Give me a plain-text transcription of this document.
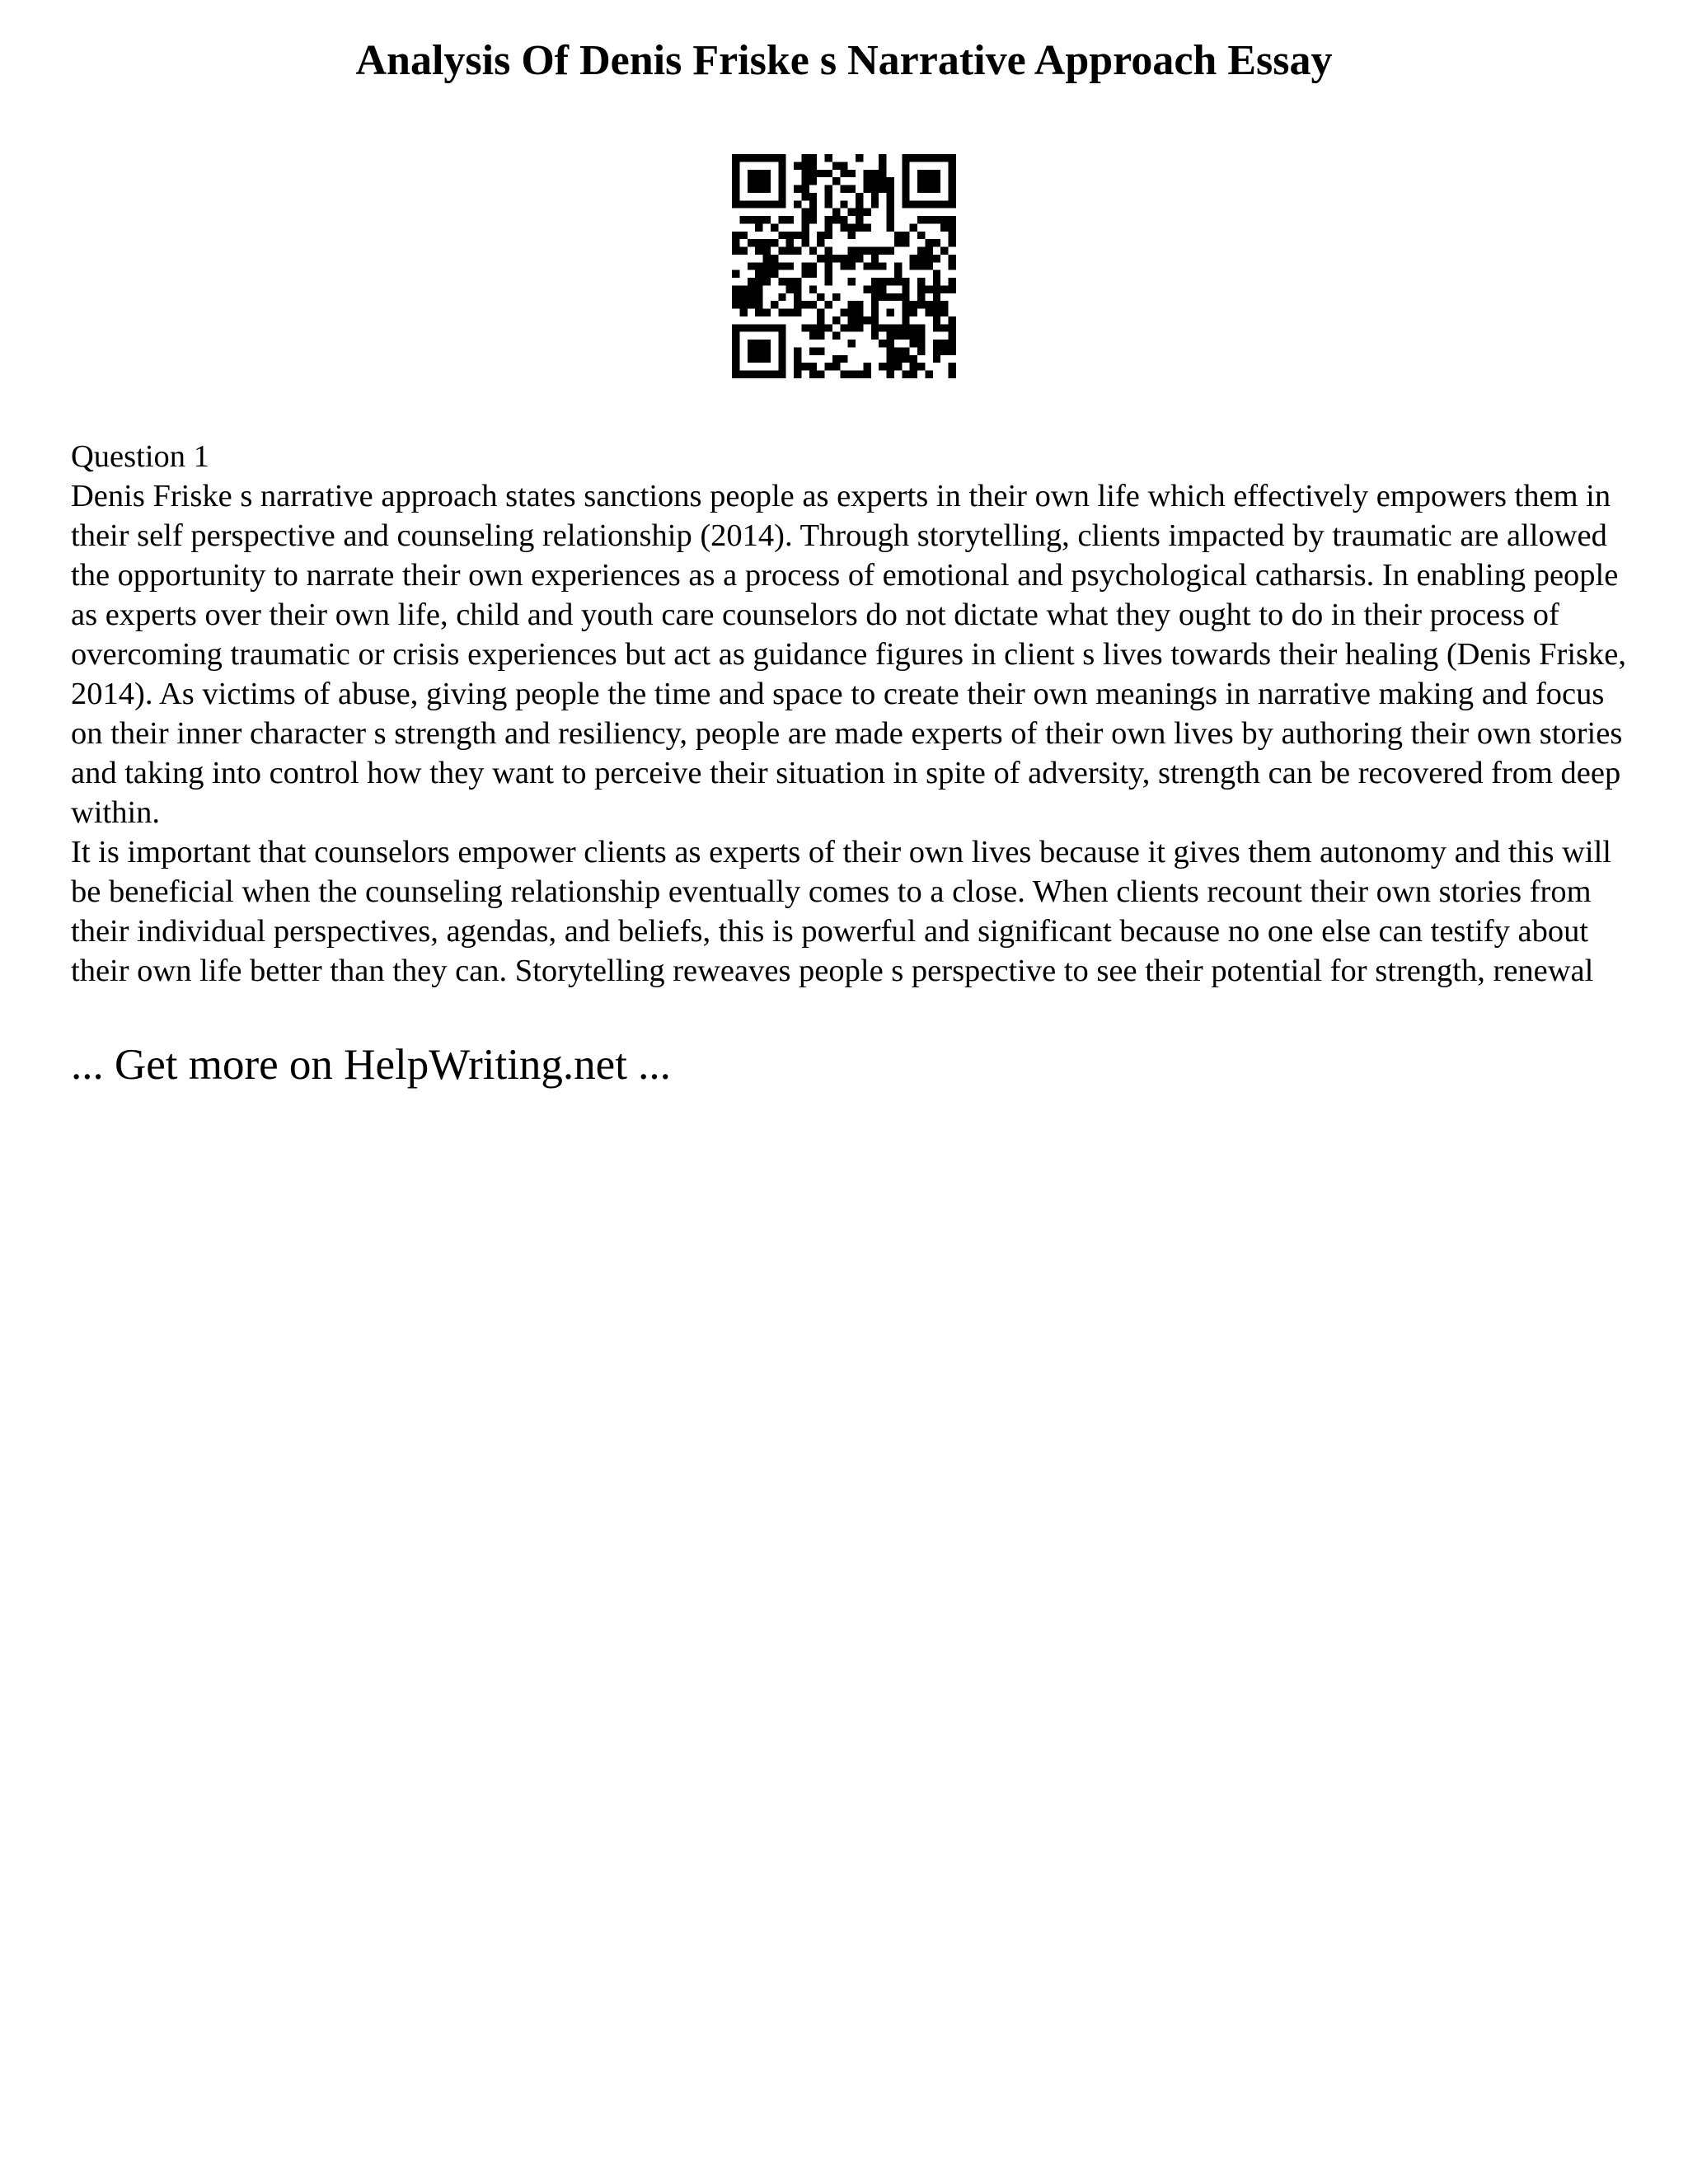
Analysis Of Denis Friske s Narrative Approach Essay

Question 1

Denis Friske s narrative approach states sanctions people as experts in their own life which effectively empowers them in their self perspective and counseling relationship (2014). Through storytelling, clients impacted by traumatic are allowed the opportunity to narrate their own experiences as a process of emotional and psychological catharsis. In enabling people as experts over their own life, child and youth care counselors do not dictate what they ought to do in their process of overcoming traumatic or crisis experiences but act as guidance figures in client s lives towards their healing (Denis Friske, 2014). As victims of abuse, giving people the time and space to create their own meanings in narrative making and focus on their inner character s strength and resiliency, people are made experts of their own lives by authoring their own stories and taking into control how they want to perceive their situation in spite of adversity, strength can be recovered from deep within.

It is important that counselors empower clients as experts of their own lives because it gives them autonomy and this will be beneficial when the counseling relationship eventually comes to a close. When clients recount their own stories from their individual perspectives, agendas, and beliefs, this is powerful and significant because no one else can testify about their own life better than they can. Storytelling reweaves people s perspective to see their potential for strength, renewal

... Get more on HelpWriting.net ...
